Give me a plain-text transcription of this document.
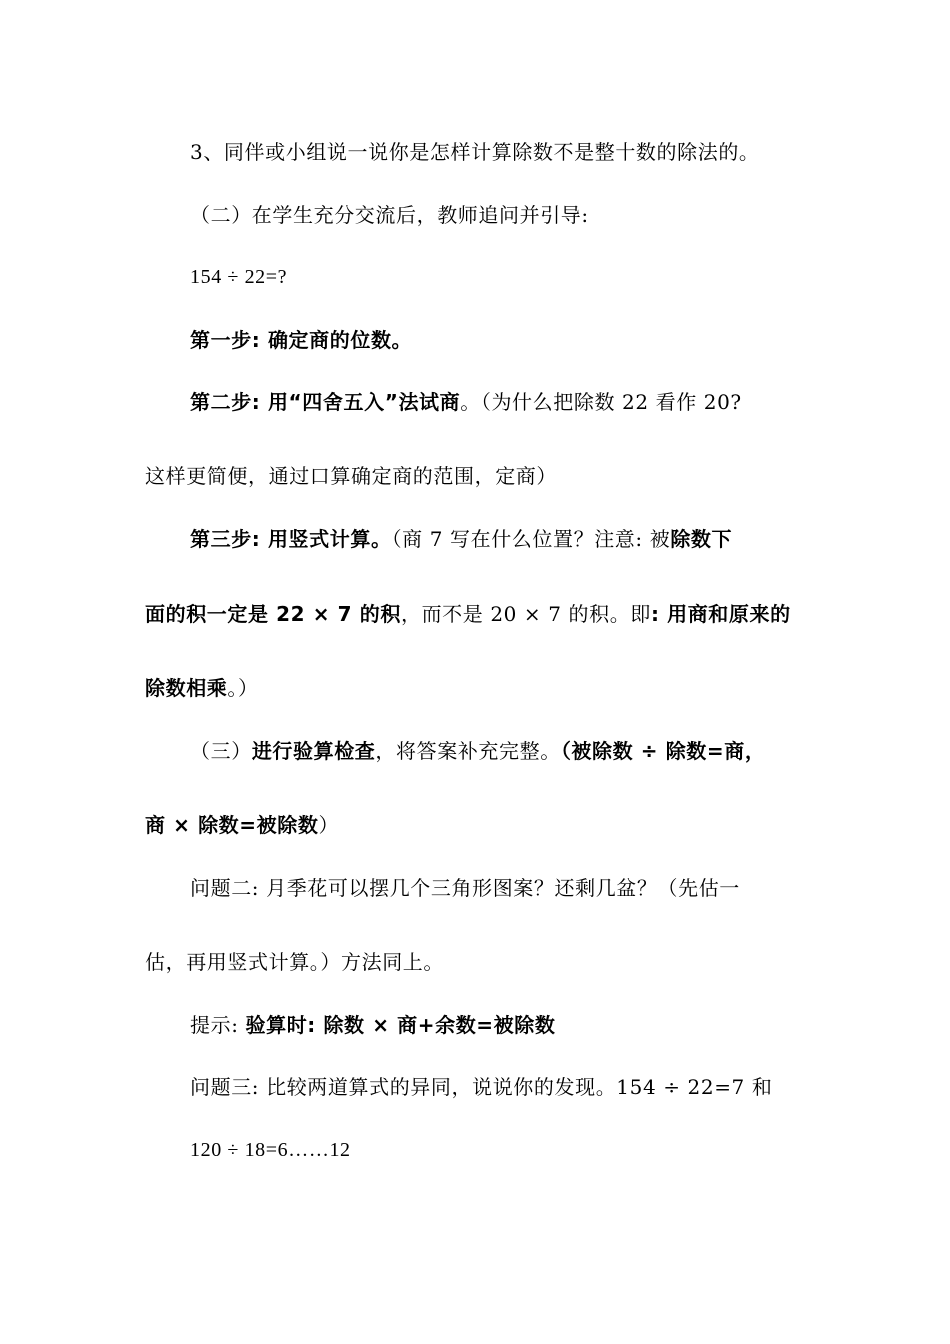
3、同伴或小组说一说你是怎样计算除数不是整十数的除法的。
（二）在学生充分交流后，教师追问并引导:
154 ÷ 22=?
第一步: 确定商的位数。
第二步: 用“四舍五入”法试商。（为什么把除数 22 看作 20?
这样更简便，通过口算确定商的范围，定商）
第三步: 用竖式计算。（商 7 写在什么位置？注意: 被除数下
面的积一定是 22 × 7 的积，而不是 20 × 7 的积。即: 用商和原来的
除数相乘。）
（三）进行验算检查，将答案补充完整。（被除数 ÷ 除数=商，
商 × 除数=被除数）
问题二: 月季花可以摆几个三角形图案？还剩几盆？（先估一
估，再用竖式计算。）方法同上。
提示: 验算时: 除数 × 商+余数=被除数
问题三: 比较两道算式的异同，说说你的发现。154 ÷ 22=7 和
120 ÷ 18=6……12
